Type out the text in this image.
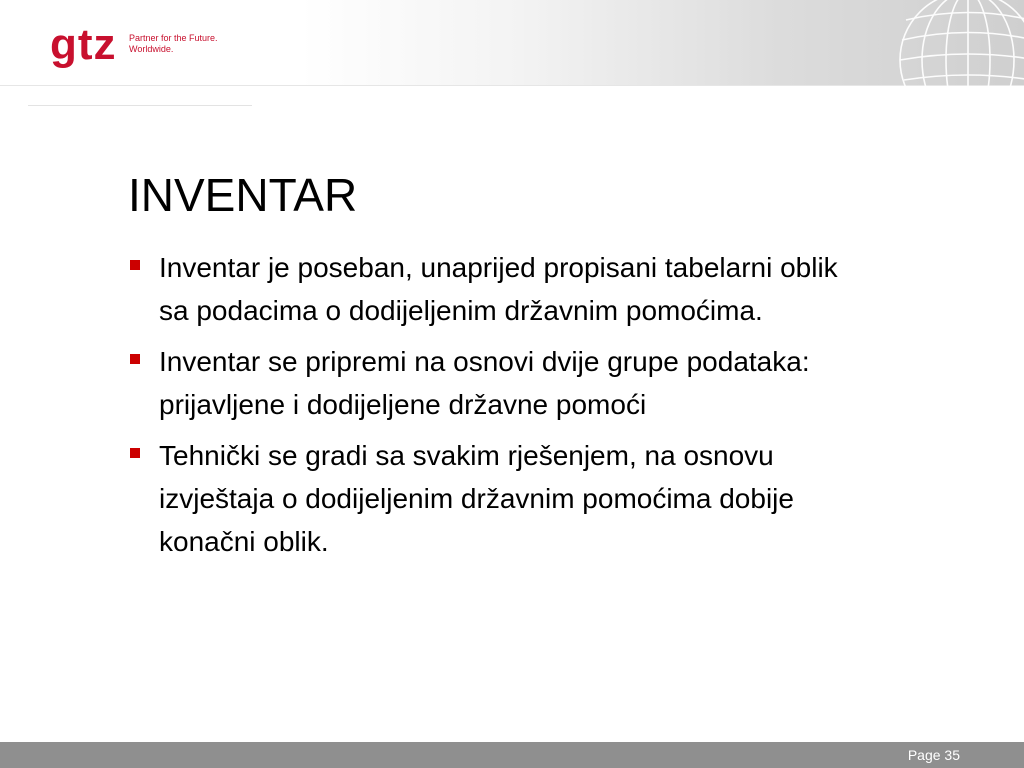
gtz Partner for the Future.
Worldwide.
INVENTAR
Inventar je poseban, unaprijed propisani tabelarni oblik sa podacima o dodijeljenim državnim pomoćima.
Inventar se pripremi na osnovi dvije grupe podataka: prijavljene i dodijeljene državne pomoći
Tehnički se gradi sa svakim rješenjem, na osnovu izvještaja o dodijeljenim državnim pomoćima dobije konačni oblik.
Page 35
